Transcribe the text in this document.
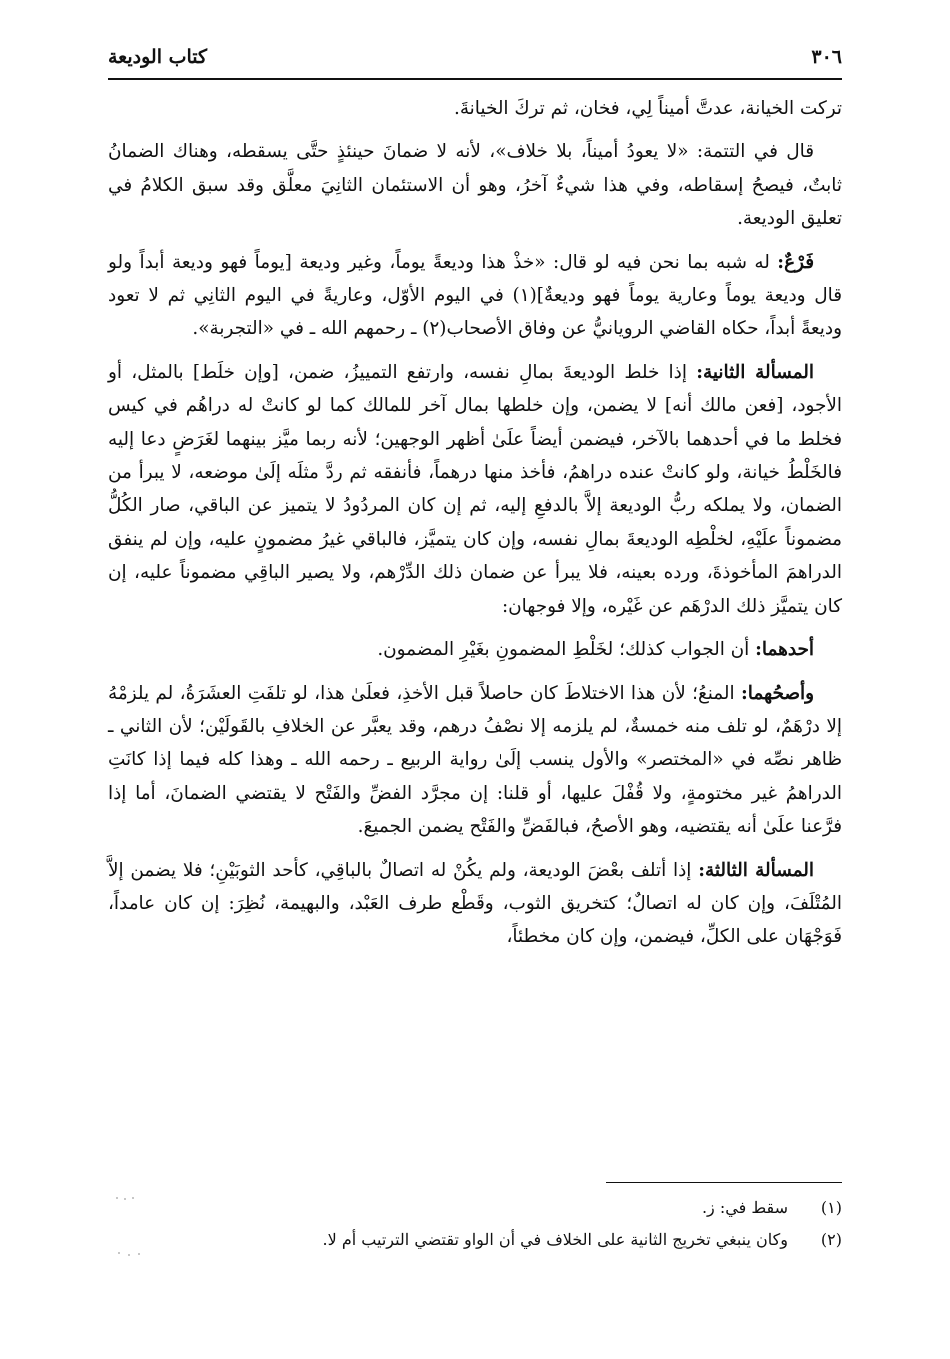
٣٠٦
كتاب الوديعة

تركت الخيانة، عدتَّ أميناً لِي، فخان، ثم تركَ الخيانةَ.

قال في التتمة: «لا يعودُ أميناً، بلا خلاف»، لأنه لا ضمانَ حينئذٍ حتَّى يسقطه، وهناك الضمانُ ثابتٌ، فيصحُ إسقاطه، وفي هذا شيءٌ آخرُ، وهو أن الاستئمان الثانِيَ معلَّق وقد سبق الكلامُ في تعليق الوديعة.

فَرْعٌ: له شبه بما نحن فيه لو قال: «خذْ هذا وديعةً يوماً، وغير وديعة [يوماً فهو وديعة أبداً ولو قال وديعة يوماً وعارية يوماً فهو وديعةٌ](١) في اليوم الأوّل، وعاريةً في اليوم الثانِي ثم لا تعود وديعةً أبداً، حكاه القاضي الرويانيُّ عن وفاق الأصحاب(٢) ـ رحمهم الله ـ في «التجربة».

المسألة الثانية: إذا خلط الوديعةَ بمالِ نفسه، وارتفع التمييزُ، ضمن، [وإن خلَط] بالمثل، أو الأجود، [فعن مالك أنه] لا يضمن، وإن خلطها بمال آخر للمالك كما لو كانتْ له دراهُم في كيس فخلط ما في أحدهما بالآخر، فيضمن أيضاً علَىٰ أظهر الوجهين؛ لأنه ربما ميَّز بينهما لغَرَضٍ دعا إليه فالخَلْطُ خيانة، ولو كانتْ عنده دراهمُ، فأخذ منها درهماً، فأنفقه ثم ردَّ مثلَه إلَىٰ موضعه، لا يبرأ من الضمان، ولا يملكه ربُّ الوديعة إلاَّ بالدفعِ إليه، ثم إن كان المردُودُ لا يتميز عن الباقي، صار الكُلُّ مضموناً علَيْهِ، لخلْطِه الوديعةَ بمالِ نفسه، وإن كان يتميَّز، فالباقي غيرُ مضمونٍ عليه، وإن لم ينفق الدراهمَ المأخوذةَ، ورده بعينه، فلا يبرأ عن ضمان ذلك الدِّرْهم، ولا يصير الباقِي مضموناً عليه، إن كان يتميَّز ذلك الدرْهَم عن غَيْره، وإلا فوجهان:

أحدهما: أن الجواب كذلك؛ لخَلْطِ المضمونِ بغَيْرِ المضمون.

وأصحُهما: المنعُ؛ لأن هذا الاختلاطَ كان حاصلاً قبل الأخذِ، فعلَىٰ هذا، لو تلفَتِ العشَرَةُ، لم يلزمْهُ إلا درْهَمٌ، لو تلف منه خمسةٌ، لم يلزمه إلا نصْفُ درهم، وقد يعبَّر عن الخلافِ بالقَولَيْن؛ لأن الثاني ـ ظاهر نصِّه في «المختصر» والأول ينسب إلَىٰ رواية الربيع ـ رحمه الله ـ وهذا كله فيما إذا كانَتِ الدراهمُ غير مختومةٍ، ولا قُفْلَ عليها، أو قلنا: إن مجرَّد الفضِّ والفَتْح لا يقتضي الضمانَ، أما إذا فرَّعنا علَىٰ أنه يقتضيه، وهو الأصحُ، فبالفَضِّ والفَتْح يضمن الجميعَ.

المسألة الثالثة: إذا أتلف بعْضَ الوديعة، ولم يكُنْ له اتصالٌ بالباقِي، كأحد الثوبَيْنِ؛ فلا يضمن إلاَّ المُتْلَفَ، وإن كان له اتصالٌ؛ كتخريق الثوب، وقَطْع طرف العَبْد، والبهيمة، نُظِرَ: إن كان عامداً، فَوَجْهَان على الكلِّ، فيضمن، وإن كان مخطئاً،

(١)
سقط في: ز.
(٢)
وكان ينبغي تخريج الثانية على الخلاف في أن الواو تقتضي الترتيب أم لا.
